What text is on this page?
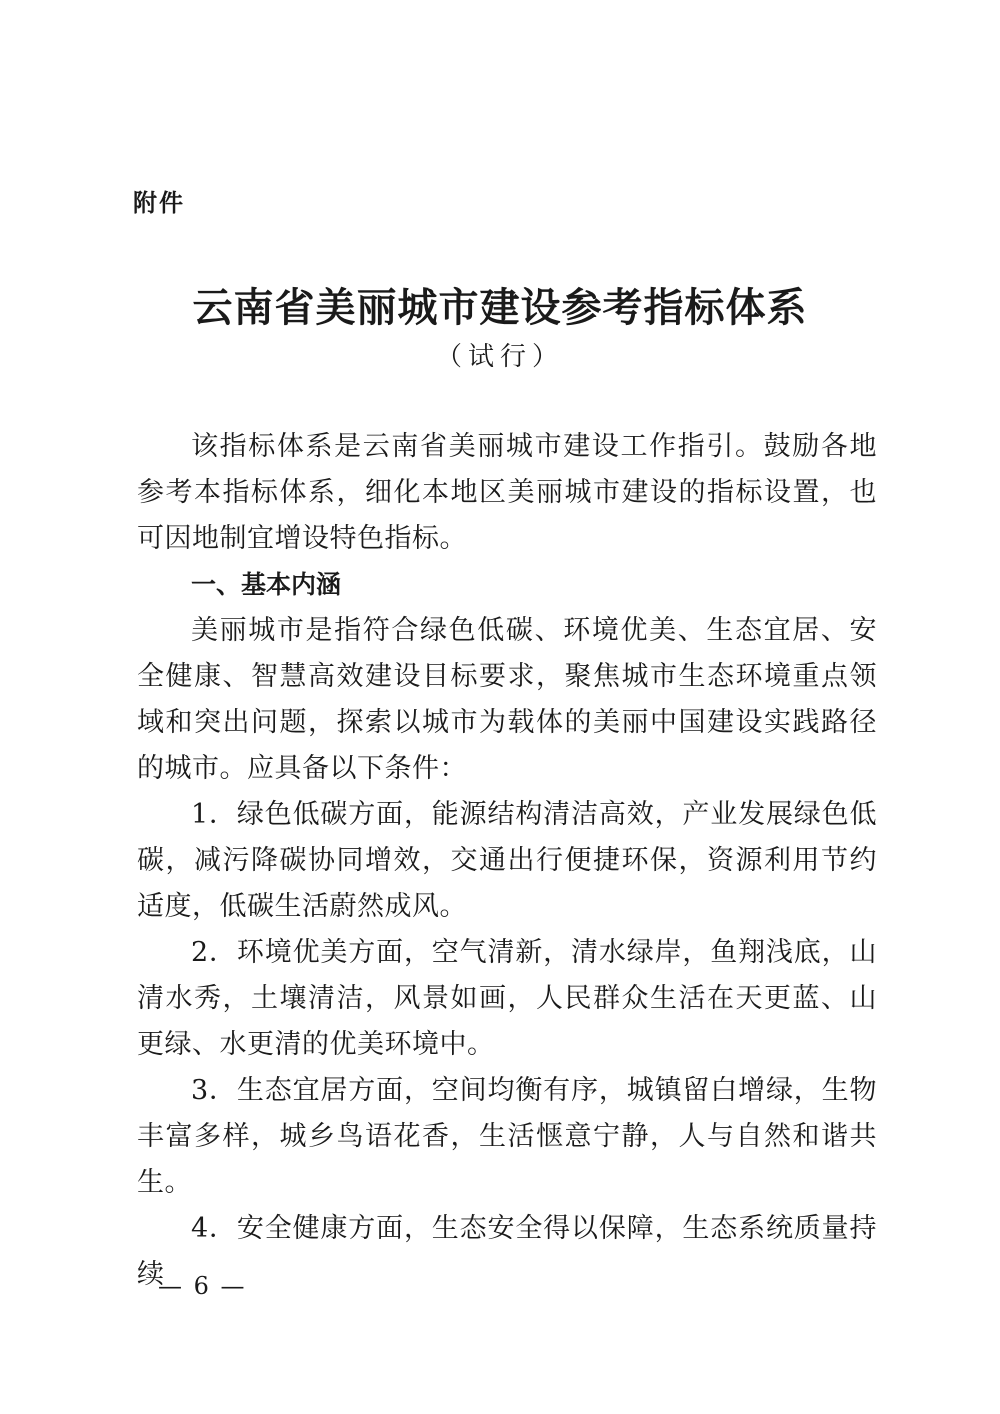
附件
云南省美丽城市建设参考指标体系
（试行）

该指标体系是云南省美丽城市建设工作指引。鼓励各地参考本指标体系，细化本地区美丽城市建设的指标设置，也可因地制宜增设特色指标。

一、基本内涵

美丽城市是指符合绿色低碳、环境优美、生态宜居、安全健康、智慧高效建设目标要求，聚焦城市生态环境重点领域和突出问题，探索以城市为载体的美丽中国建设实践路径的城市。应具备以下条件：

1．绿色低碳方面，能源结构清洁高效，产业发展绿色低碳，减污降碳协同增效，交通出行便捷环保，资源利用节约适度，低碳生活蔚然成风。

2．环境优美方面，空气清新，清水绿岸，鱼翔浅底，山清水秀，土壤清洁，风景如画，人民群众生活在天更蓝、山更绿、水更清的优美环境中。

3．生态宜居方面，空间均衡有序，城镇留白增绿，生物丰富多样，城乡鸟语花香，生活惬意宁静，人与自然和谐共生。

4．安全健康方面，生态安全得以保障，生态系统质量持续

— 6 —
